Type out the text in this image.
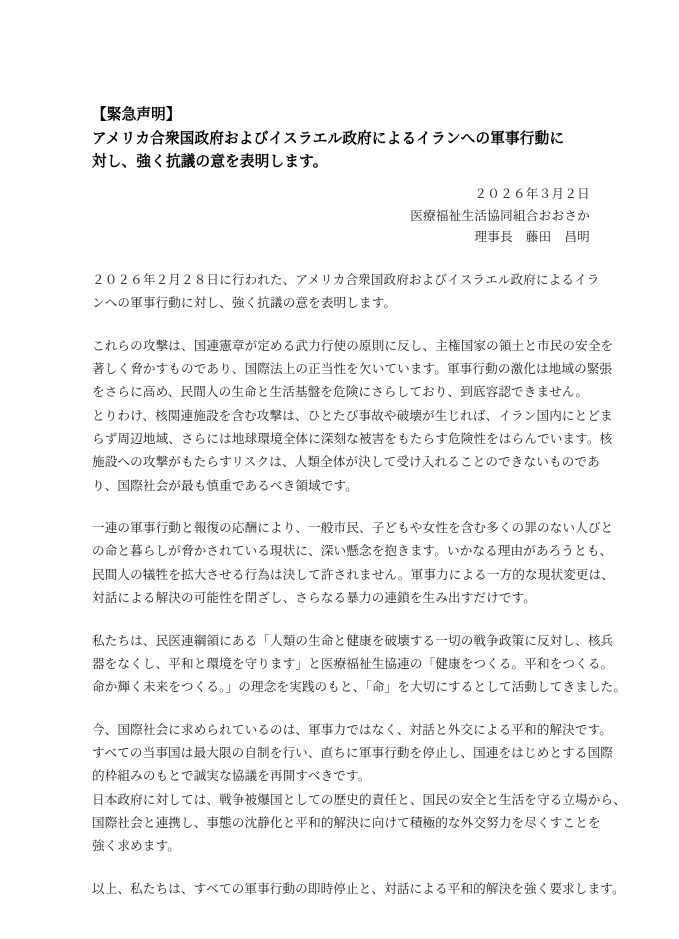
【緊急声明】
アメリカ合衆国政府およびイスラエル政府によるイランへの軍事行動に
対し、強く抗議の意を表明します。
２０２６年３月２日
医療福祉生活協同組合おおさか
理事長　藤田　昌明

２０２６年２月２８日に行われた、アメリカ合衆国政府およびイスラエル政府によるイラ
ンへの軍事行動に対し、強く抗議の意を表明します。

これらの攻撃は、国連憲章が定める武力行使の原則に反し、主権国家の領土と市民の安全を
著しく脅かすものであり、国際法上の正当性を欠いています。軍事行動の激化は地域の緊張
をさらに高め、民間人の生命と生活基盤を危険にさらしており、到底容認できません。
とりわけ、核関連施設を含む攻撃は、ひとたび事故や破壊が生じれば、イラン国内にとどま
らず周辺地域、さらには地球環境全体に深刻な被害をもたらす危険性をはらんでいます。核
施設への攻撃がもたらすリスクは、人類全体が決して受け入れることのできないものであ
り、国際社会が最も慎重であるべき領域です。

一連の軍事行動と報復の応酬により、一般市民、子どもや女性を含む多くの罪のない人びと
の命と暮らしが脅かされている現状に、深い懸念を抱きます。いかなる理由があろうとも、
民間人の犠牲を拡大させる行為は決して許されません。軍事力による一方的な現状変更は、
対話による解決の可能性を閉ざし、さらなる暴力の連鎖を生み出すだけです。

私たちは、民医連綱領にある「人類の生命と健康を破壊する一切の戦争政策に反対し、核兵
器をなくし、平和と環境を守ります」と医療福祉生協連の「健康をつくる。平和をつくる。
命か輝く未来をつくる。」の理念を実践のもと、「命」を大切にするとして活動してきました。

今、国際社会に求められているのは、軍事力ではなく、対話と外交による平和的解決です。
すべての当事国は最大限の自制を行い、直ちに軍事行動を停止し、国連をはじめとする国際
的枠組みのもとで誠実な協議を再開すべきです。
日本政府に対しては、戦争被爆国としての歴史的責任と、国民の安全と生活を守る立場から、
国際社会と連携し、事態の沈静化と平和的解決に向けて積極的な外交努力を尽くすことを
強く求めます。

以上、私たちは、すべての軍事行動の即時停止と、対話による平和的解決を強く要求します。
